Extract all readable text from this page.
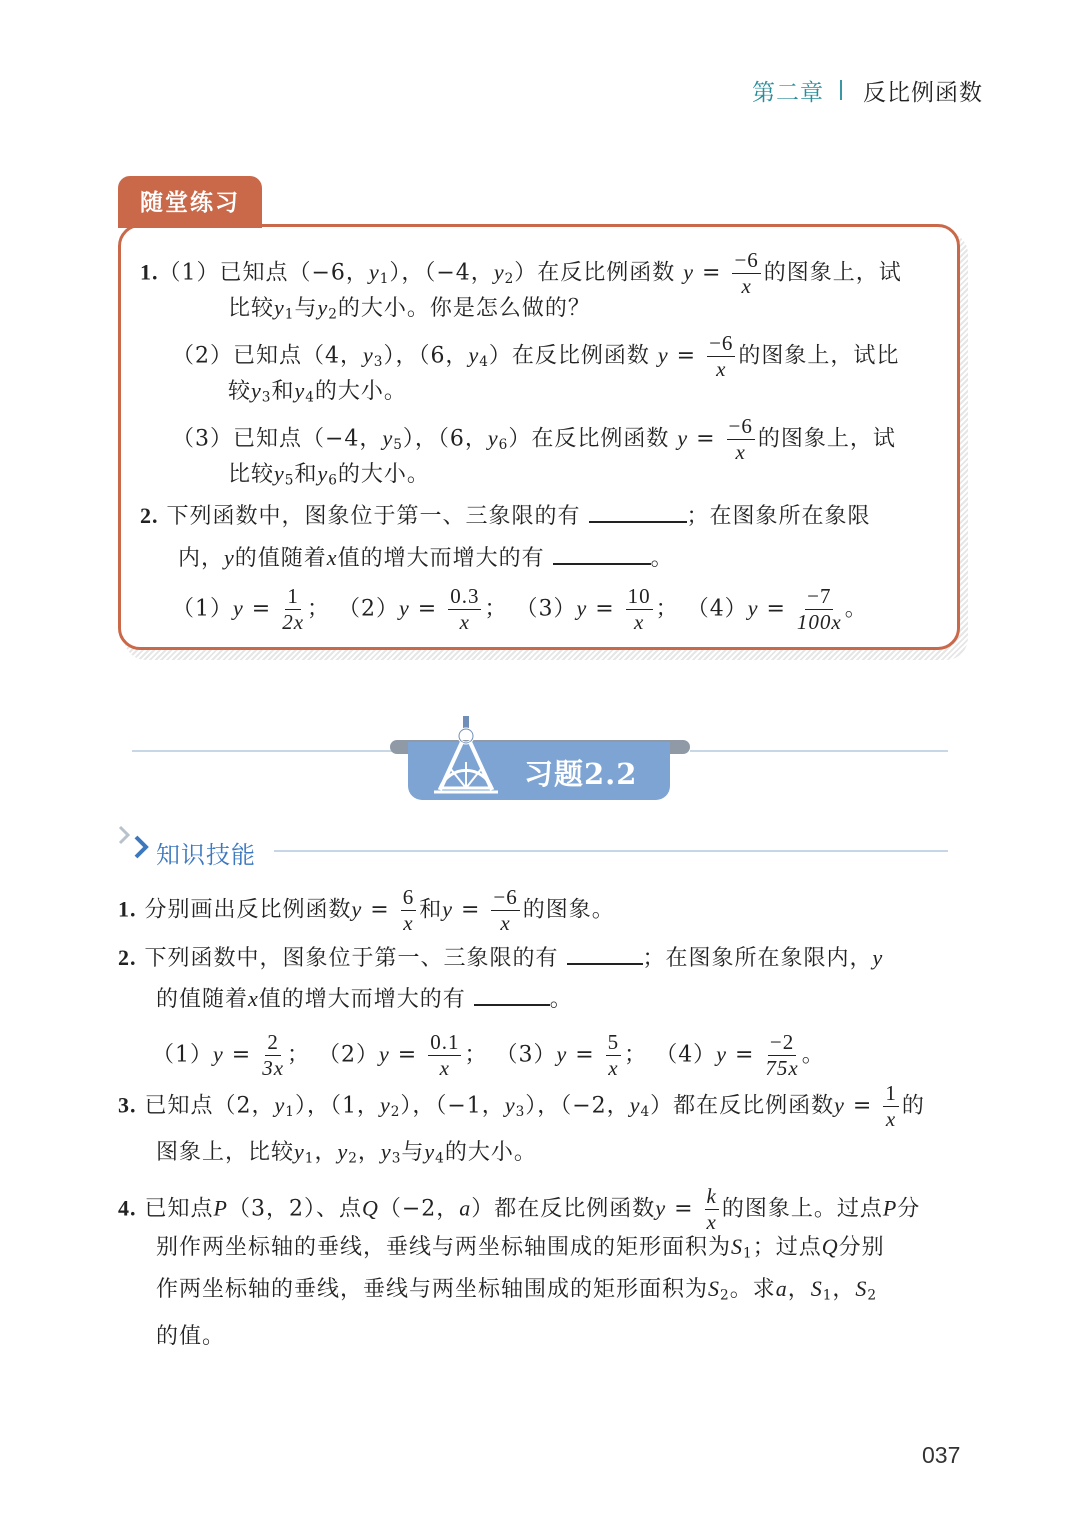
第二章 反比例函数
随堂练习
1.（1）已知点（−6，$y_1$），（−4，$y_2$）在反比例函数 $y = \frac{-6}{x}$ 的图象上，试
比较$y_1$与$y_2$的大小。你是怎么做的？
（2）已知点（4，$y_3$），（6，$y_4$）在反比例函数 $y = \frac{-6}{x}$ 的图象上，试比
较$y_3$和$y_4$的大小。
（3）已知点（−4，$y_5$），（6，$y_6$）在反比例函数 $y = \frac{-6}{x}$ 的图象上，试
比较$y_5$和$y_6$的大小。
2. 下列函数中，图象位于第一、三象限的有	；在图象所在象限
内，y的值随着x值的增大而增大的有	。
$(1)y = \frac{1}{2x}$ ； $(2)y = \frac{0.3}{x}$ ； $(3)y = \frac{10}{x}$ ； $(4)y = \frac{-7}{100x}$ 。
习题2.2
知识技能
1. 分别画出反比例函数$y = \frac{6}{x}$ 和$y = \frac{-6}{x}$ 的图象。
2. 下列函数中，图象位于第一、三象限的有	；在图象所在象限内，y
的值随着x值的增大而增大的有	。
$(1)y = \frac{2}{3x}$ ； $(2)y = \frac{0.1}{x}$ ； $(3)y = \frac{5}{x}$ ； $(4)y = \frac{-2}{75x}$ 。
3. 已知点（2，$y_1$），（1，$y_2$），（−1，$y_3$），（−2，$y_4$）都在反比例函数$y = \frac{1}{x}$ 的
图象上，比较$y_1$，$y_2$，$y_3$与$y_4$的大小。
4. 已知点P（3，2）、点Q（−2，a）都在反比例函数$y = \frac{k}{x}$ 的图象上。过点P分
别作两坐标轴的垂线，垂线与两坐标轴围成的矩形面积为$S_1$；过点Q分别
作两坐标轴的垂线，垂线与两坐标轴围成的矩形面积为$S_2$。求a，$S_1$，$S_2$
的值。
037
